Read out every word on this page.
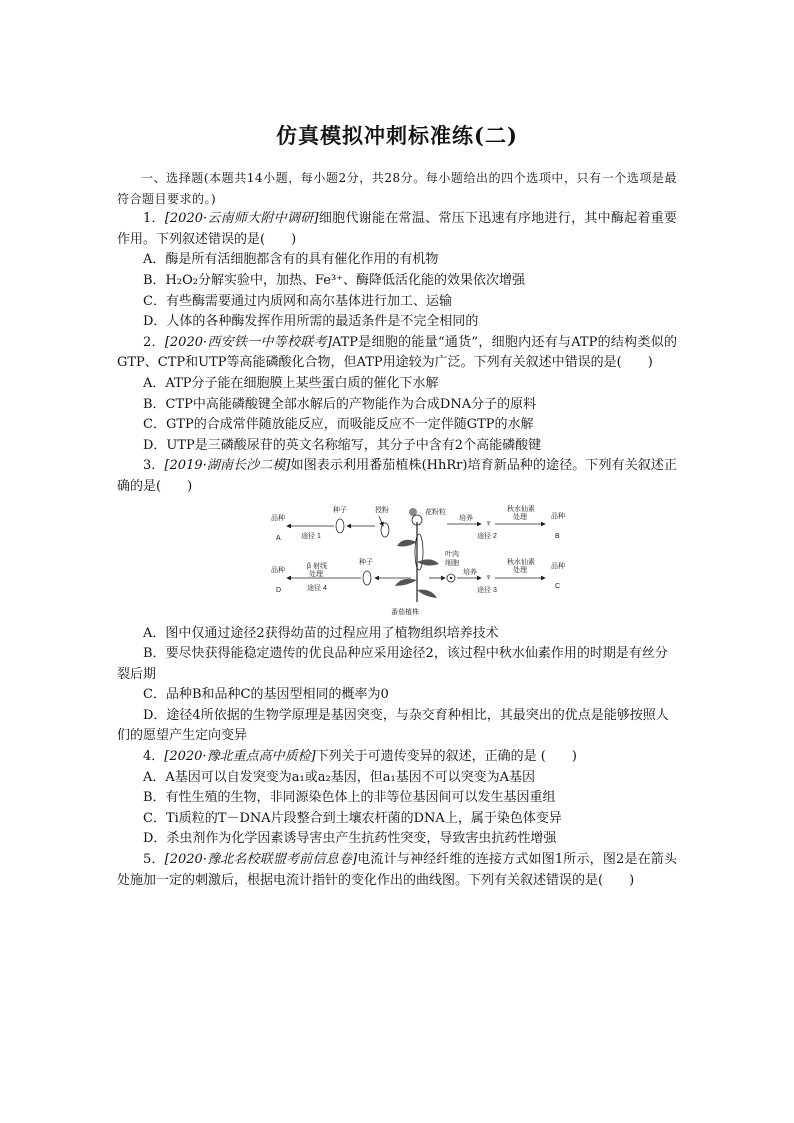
仿真模拟冲刺标准练(二)

一、选择题(本题共14小题，每小题2分，共28分。每小题给出的四个选项中，只有一个选项是最符合题目要求的。)

1．[2020·云南师大附中调研]细胞代谢能在常温、常压下迅速有序地进行，其中酶起着重要作用。下列叙述错误的是(　　)

A．酶是所有活细胞都含有的具有催化作用的有机物

B．H₂O₂分解实验中，加热、Fe³⁺、酶降低活化能的效果依次增强

C．有些酶需要通过内质网和高尔基体进行加工、运输

D．人体的各种酶发挥作用所需的最适条件是不完全相同的

2．[2020·西安铁一中等校联考]ATP是细胞的能量“通货”，细胞内还有与ATP的结构类似的GTP、CTP和UTP等高能磷酸化合物，但ATP用途较为广泛。下列有关叙述中错误的是(　　)

A．ATP分子能在细胞膜上某些蛋白质的催化下水解

B．CTP中高能磷酸键全部水解后的产物能作为合成DNA分子的原料

C．GTP的合成常伴随放能反应，而吸能反应不一定伴随GTP的水解

D．UTP是三磷酸尿苷的英文名称缩写，其分子中含有2个高能磷酸键

3．[2019·湖南长沙二模]如图表示利用番茄植株(HhRr)培育新品种的途径。下列有关叙述正确的是(　　)

品种
A
品种
D
品种
B
品种
C
种子
途径 1
授粉	花粉粒
培养 ♆
秋水仙素
处理
途径 2
番茄植株
种子
β 射线
处理
途径 4
叶肉
细胞
培养 ♆
秋水仙素
处理
途径 3

A．图中仅通过途径2获得幼苗的过程应用了植物组织培养技术

B．要尽快获得能稳定遗传的优良品种应采用途径2，该过程中秋水仙素作用的时期是有丝分裂后期

C．品种B和品种C的基因型相同的概率为0

D．途径4所依据的生物学原理是基因突变，与杂交育种相比，其最突出的优点是能够按照人们的愿望产生定向变异

4．[2020·豫北重点高中质检]下列关于可遗传变异的叙述，正确的是 (　　)

A．A基因可以自发突变为a₁或a₂基因，但a₁基因不可以突变为A基因

B．有性生殖的生物，非同源染色体上的非等位基因间可以发生基因重组

C．Ti质粒的T－DNA片段整合到土壤农杆菌的DNA上，属于染色体变异

D．杀虫剂作为化学因素诱导害虫产生抗药性突变，导致害虫抗药性增强

5．[2020·豫北名校联盟考前信息卷]电流计与神经纤维的连接方式如图1所示，图2是在箭头处施加一定的刺激后，根据电流计指针的变化作出的曲线图。下列有关叙述错误的是(　　)
